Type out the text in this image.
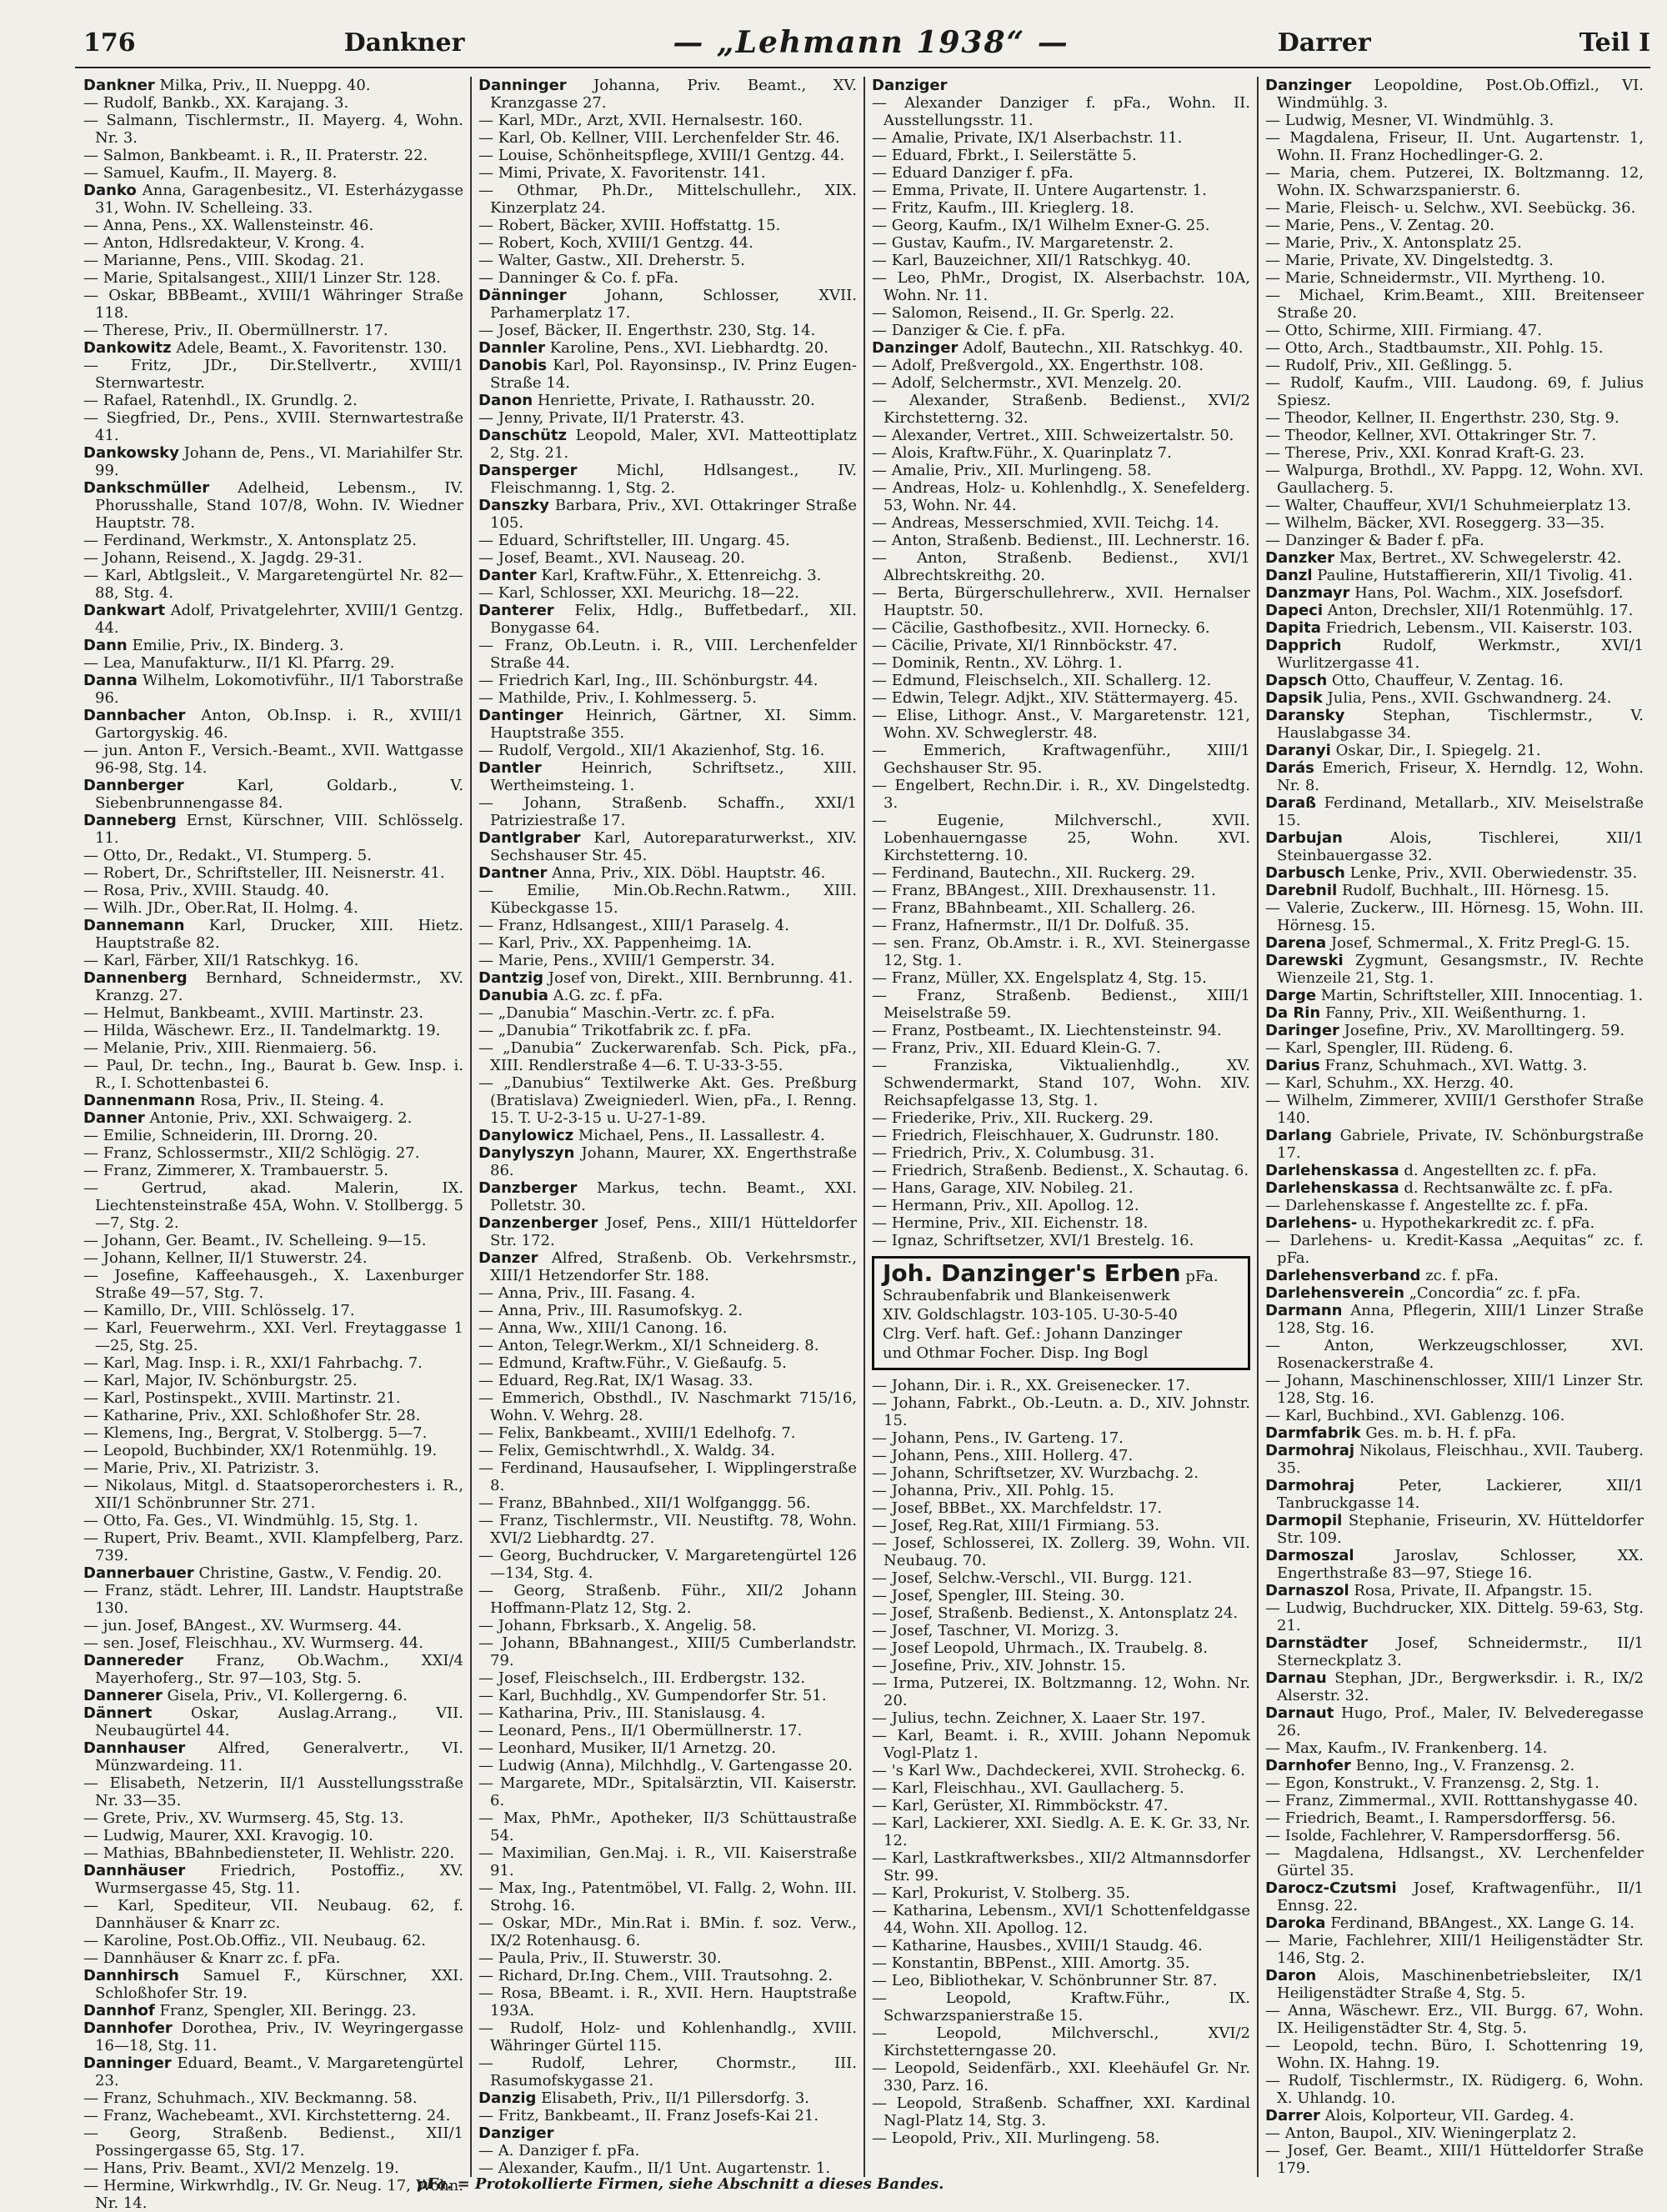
176	Dankner	— „Lehmann 1938“ —	Darrer	Teil I

Dankner Milka, Priv., II. Nueppg. 40.

— Rudolf, Bankb., XX. Karajang. 3.

— Salmann, Tischlermstr., II. Mayerg. 4, Wohn. Nr. 3.

— Salmon, Bankbeamt. i. R., II. Praterstr. 22.

— Samuel, Kaufm., II. Mayerg. 8.

Danko Anna, Garagenbesitz., VI. Esterházygasse 31, Wohn. IV. Schelleing. 33.

— Anna, Pens., XX. Wallensteinstr. 46.

— Anton, Hdlsredakteur, V. Krong. 4.

— Marianne, Pens., VIII. Skodag. 21.

— Marie, Spitalsangest., XIII/1 Linzer Str. 128.

— Oskar, BBBeamt., XVIII/1 Währinger Straße 118.

— Therese, Priv., II. Obermüllnerstr. 17.

Dankowitz Adele, Beamt., X. Favoritenstr. 130.

— Fritz, JDr., Dir.Stellvertr., XVIII/1 Sternwartestr.

— Rafael, Ratenhdl., IX. Grundlg. 2.

— Siegfried, Dr., Pens., XVIII. Sternwartestraße 41.

Dankowsky Johann de, Pens., VI. Mariahilfer Str. 99.

Dankschmüller Adelheid, Lebensm., IV. Phorusshalle, Stand 107/8, Wohn. IV. Wiedner Hauptstr. 78.

— Ferdinand, Werkmstr., X. Antonsplatz 25.

— Johann, Reisend., X. Jagdg. 29-31.

— Karl, Abtlgsleit., V. Margaretengürtel Nr. 82—88, Stg. 4.

Dankwart Adolf, Privatgelehrter, XVIII/1 Gentzg. 44.

Dann Emilie, Priv., IX. Binderg. 3.

— Lea, Manufakturw., II/1 Kl. Pfarrg. 29.

Danna Wilhelm, Lokomotivführ., II/1 Taborstraße 96.

Dannbacher Anton, Ob.Insp. i. R., XVIII/1 Gartorgyskig. 46.

— jun. Anton F., Versich.-Beamt., XVII. Wattgasse 96-98, Stg. 14.

Dannberger	Karl, Goldarb., V. Siebenbrunnengasse 84.

Danneberg Ernst, Kürschner, VIII. Schlösselg. 11.

— Otto, Dr., Redakt., VI. Stumperg. 5.

— Robert, Dr., Schriftsteller, III. Neisnerstr. 41.

— Rosa, Priv., XVIII. Staudg. 40.

— Wilh. JDr., Ober.Rat, II. Holmg. 4.

Dannemann Karl, Drucker, XIII. Hietz. Hauptstraße 82.

— Karl, Färber, XII/1 Ratschkyg. 16.

Dannenberg Bernhard, Schneidermstr., XV. Kranzg. 27.

— Helmut, Bankbeamt., XVIII. Martinstr. 23.

— Hilda, Wäschewr. Erz., II. Tandelmarktg. 19.

— Melanie, Priv., XIII. Rienmaierg. 56.

— Paul, Dr. techn., Ing., Baurat b. Gew. Insp. i. R., I. Schottenbastei 6.

Dannenmann Rosa, Priv., II. Steing. 4.

Danner Antonie, Priv., XXI. Schwaigerg. 2.

— Emilie, Schneiderin, III. Drorng. 20.

— Franz, Schlossermstr., XII/2 Schlögig. 27.

— Franz, Zimmerer, X. Trambauerstr. 5.

— Gertrud, akad. Malerin, IX. Liechtensteinstraße 45A, Wohn. V. Stollbergg. 5—7, Stg. 2.

— Johann, Ger. Beamt., IV. Schelleing. 9—15.

— Johann, Kellner, II/1 Stuwerstr. 24.

— Josefine, Kaffeehausgeh., X. Laxenburger Straße 49—57, Stg. 7.

— Kamillo, Dr., VIII. Schlösselg. 17.

— Karl, Feuerwehrm., XXI. Verl. Freytaggasse 1—25, Stg. 25.

— Karl, Mag. Insp. i. R., XXI/1 Fahrbachg. 7.

— Karl, Major, IV. Schönburgstr. 25.

— Karl, Postinspekt., XVIII. Martinstr. 21.

— Katharine, Priv., XXI. Schloßhofer Str. 28.

— Klemens, Ing., Bergrat, V. Stolbergg. 5—7.

— Leopold, Buchbinder, XX/1 Rotenmühlg. 19.

— Marie, Priv., XI. Patrizistr. 3.

— Nikolaus, Mitgl. d. Staatsoperorchesters i. R., XII/1 Schönbrunner Str. 271.

— Otto, Fa. Ges., VI. Windmühlg. 15, Stg. 1.

— Rupert, Priv. Beamt., XVII. Klampfelberg, Parz. 739.

Dannerbauer Christine, Gastw., V. Fendig. 20.

— Franz, städt. Lehrer, III. Landstr. Hauptstraße 130.

— jun. Josef, BAngest., XV. Wurmserg. 44.

— sen. Josef, Fleischhau., XV. Wurmserg. 44.

Dannereder Franz, Ob.Wachm., XXI/4 Mayerhoferg., Str. 97—103, Stg. 5.

Dannerer Gisela, Priv., VI. Kollergerng. 6.

Dännert	Oskar, Auslag.Arrang., VII. Neubaugürtel 44.

Dannhauser Alfred, Generalvertr., VI. Münzwardeing. 11.

— Elisabeth, Netzerin, II/1 Ausstellungsstraße Nr. 33—35.

— Grete, Priv., XV. Wurmserg. 45, Stg. 13.

— Ludwig, Maurer, XXI. Kravogig. 10.

— Mathias, BBahnbediensteter, II. Wehlistr. 220.

Dannhäuser Friedrich, Postoffiz., XV. Wurmsergasse 45, Stg. 11.

— Karl, Spediteur, VII. Neubaug. 62, f. Dannhäuser & Knarr zc.

— Karoline, Post.Ob.Offiz., VII. Neubaug. 62.

— Dannhäuser & Knarr zc. f. pFa.

Dannhirsch Samuel F., Kürschner, XXI. Schloßhofer Str. 19.

Dannhof Franz, Spengler, XII. Beringg. 23.

Dannhofer Dorothea, Priv., IV. Weyringergasse 16—18, Stg. 11.

Danninger Eduard, Beamt., V. Margaretengürtel 23.

— Franz, Schuhmach., XIV. Beckmanng. 58.

— Franz, Wachebeamt., XVI. Kirchstetterng. 24.

— Georg, Straßenb. Bedienst., XII/1 Possingergasse 65, Stg. 17.

— Hans, Priv. Beamt., XVI/2 Menzelg. 19.

— Hermine, Wirkwrhdlg., IV. Gr. Neug. 17, Wohn. Nr. 14.

Danninger Johanna, Priv. Beamt., XV. Kranzgasse 27.

— Karl, MDr., Arzt, XVII. Hernalsestr. 160.

— Karl, Ob. Kellner, VIII. Lerchenfelder Str. 46.

— Louise, Schönheitspflege, XVIII/1 Gentzg. 44.

— Mimi, Private, X. Favoritenstr. 141.

— Othmar, Ph.Dr., Mittelschullehr., XIX. Kinzerplatz 24.

— Robert, Bäcker, XVIII. Hoffstattg. 15.

— Robert, Koch, XVIII/1 Gentzg. 44.

— Walter, Gastw., XII. Dreherstr. 5.

— Danninger & Co. f. pFa.

Dänninger	Johann, Schlosser, XVII. Parhamerplatz 17.

— Josef, Bäcker, II. Engerthstr. 230, Stg. 14.

Dannler Karoline, Pens., XVI. Liebhardtg. 20.

Danobis Karl, Pol. Rayonsinsp., IV. Prinz Eugen-Straße 14.

Danon Henriette, Private, I. Rathausstr. 20.

— Jenny, Private, II/1 Praterstr. 43.

Danschütz Leopold, Maler, XVI. Matteottiplatz 2, Stg. 21.

Dansperger	Michl, Hdlsangest., IV. Fleischmanng. 1, Stg. 2.

Danszky Barbara, Priv., XVI. Ottakringer Straße 105.

— Eduard, Schriftsteller, III. Ungarg. 45.

— Josef, Beamt., XVI. Nauseag. 20.

Danter Karl, Kraftw.Führ., X. Ettenreichg. 3.

— Karl, Schlosser, XXI. Meurichg. 18—22.

Danterer Felix, Hdlg., Buffetbedarf., XII. Bonygasse 64.

— Franz, Ob.Leutn. i. R., VIII. Lerchenfelder Straße 44.

— Friedrich Karl, Ing., III. Schönburgstr. 44.

— Mathilde, Priv., I. Kohlmesserg. 5.

Dantinger Heinrich, Gärtner, XI. Simm. Hauptstraße 355.

— Rudolf, Vergold., XII/1 Akazienhof, Stg. 16.

Dantler	Heinrich, Schriftsetz., XIII. Wertheimsteing. 1.

— Johann, Straßenb. Schaffn., XXI/1 Patriziestraße 17.

Dantlgraber Karl, Autoreparaturwerkst., XIV. Sechshauser Str. 45.

Dantner Anna, Priv., XIX. Döbl. Hauptstr. 46.

— Emilie, Min.Ob.Rechn.Ratwm., XIII. Kübeckgasse 15.

— Franz, Hdlsangest., XIII/1 Paraselg. 4.

— Karl, Priv., XX. Pappenheimg. 1A.

— Marie, Pens., XVIII/1 Gemperstr. 34.

Dantzig Josef von, Direkt., XIII. Bernbrunng. 41.

Danubia A.G. zc. f. pFa.

— „Danubia“ Maschin.-Vertr. zc. f. pFa.

— „Danubia“ Trikotfabrik zc. f. pFa.

— „Danubia“ Zuckerwarenfab. Sch. Pick, pFa., XIII. Rendlerstraße 4—6. T. U-33-3-55.

— „Danubius“ Textilwerke Akt. Ges. Preßburg (Bratislava) Zweigniederl. Wien, pFa., I. Renng. 15. T. U-2-3-15 u. U-27-1-89.

Danylowicz Michael, Pens., II. Lassallestr. 4.

Danylyszyn Johann, Maurer, XX. Engerthstraße 86.

Danzberger Markus, techn. Beamt., XXI. Polletstr. 30.

Danzenberger Josef, Pens., XIII/1 Hütteldorfer Str. 172.

Danzer Alfred, Straßenb. Ob. Verkehrsmstr., XIII/1 Hetzendorfer Str. 188.

— Anna, Priv., III. Fasang. 4.

— Anna, Priv., III. Rasumofskyg. 2.

— Anna, Ww., XIII/1 Canong. 16.

— Anton, Telegr.Werkm., XI/1 Schneiderg. 8.

— Edmund, Kraftw.Führ., V. Gießaufg. 5.

— Eduard, Reg.Rat, IX/1 Wasag. 33.

— Emmerich, Obsthdl., IV. Naschmarkt 715/16, Wohn. V. Wehrg. 28.

— Felix, Bankbeamt., XVIII/1 Edelhofg. 7.

— Felix, Gemischtwrhdl., X. Waldg. 34.

— Ferdinand, Hausaufseher, I. Wipplingerstraße 8.

— Franz, BBahnbed., XII/1 Wolfganggg. 56.

— Franz, Tischlermstr., VII. Neustiftg. 78, Wohn. XVI/2 Liebhardtg. 27.

— Georg, Buchdrucker, V. Margaretengürtel 126—134, Stg. 4.

— Georg, Straßenb. Führ., XII/2 Johann Hoffmann-Platz 12, Stg. 2.

— Johann, Fbrksarb., X. Angelig. 58.

— Johann, BBahnangest., XIII/5 Cumberlandstr. 79.

— Josef, Fleischselch., III. Erdbergstr. 132.

— Karl, Buchhdlg., XV. Gumpendorfer Str. 51.

— Katharina, Priv., III. Stanislausg. 4.

— Leonard, Pens., II/1 Obermüllnerstr. 17.

— Leonhard, Musiker, II/1 Arnetzg. 20.

— Ludwig (Anna), Milchhdlg., V. Gartengasse 20.

— Margarete, MDr., Spitalsärztin, VII. Kaiserstr. 6.

— Max, PhMr., Apotheker, II/3 Schüttaustraße 54.

— Maximilian, Gen.Maj. i. R., VII. Kaiserstraße 91.

— Max, Ing., Patentmöbel, VI. Fallg. 2, Wohn. III. Strohg. 16.

— Oskar, MDr., Min.Rat i. BMin. f. soz. Verw., IX/2 Rotenhausg. 6.

— Paula, Priv., II. Stuwerstr. 30.

— Richard, Dr.Ing. Chem., VIII. Trautsohng. 2.

— Rosa, BBeamt. i. R., XVII. Hern. Hauptstraße 193A.

— Rudolf, Holz- und Kohlenhandlg., XVIII. Währinger Gürtel 115.

— Rudolf, Lehrer, Chormstr., III. Rasumofskygasse 21.

Danzig Elisabeth, Priv., II/1 Pillersdorfg. 3.

— Fritz, Bankbeamt., II. Franz Josefs-Kai 21.

Danziger

— A. Danziger f. pFa.

— Alexander, Kaufm., II/1 Unt. Augartenstr. 1.

Danziger

— Alexander Danziger f. pFa., Wohn. II. Ausstellungsstr. 11.

— Amalie, Private, IX/1 Alserbachstr. 11.

— Eduard, Fbrkt., I. Seilerstätte 5.

— Eduard Danziger f. pFa.

— Emma, Private, II. Untere Augartenstr. 1.

— Fritz, Kaufm., III. Krieglerg. 18.

— Georg, Kaufm., IX/1 Wilhelm Exner-G. 25.

— Gustav, Kaufm., IV. Margaretenstr. 2.

— Karl, Bauzeichner, XII/1 Ratschkyg. 40.

— Leo, PhMr., Drogist, IX. Alserbachstr. 10A, Wohn. Nr. 11.

— Salomon, Reisend., II. Gr. Sperlg. 22.

— Danziger & Cie. f. pFa.

Danzinger Adolf, Bautechn., XII. Ratschkyg. 40.

— Adolf, Preßvergold., XX. Engerthstr. 108.

— Adolf, Selchermstr., XVI. Menzelg. 20.

— Alexander, Straßenb. Bedienst., XVI/2 Kirchstetterng. 32.

— Alexander, Vertret., XIII. Schweizertalstr. 50.

— Alois, Kraftw.Führ., X. Quarinplatz 7.

— Amalie, Priv., XII. Murlingeng. 58.

— Andreas, Holz- u. Kohlenhdlg., X. Senefelderg. 53, Wohn. Nr. 44.

— Andreas, Messerschmied, XVII. Teichg. 14.

— Anton, Straßenb. Bedienst., III. Lechnerstr. 16.

— Anton, Straßenb. Bedienst., XVI/1 Albrechtskreithg. 20.

— Berta, Bürgerschullehrerw., XVII. Hernalser Hauptstr. 50.

— Cäcilie, Gasthofbesitz., XVII. Hornecky. 6.

— Cäcilie, Private, XI/1 Rinnböckstr. 47.

— Dominik, Rentn., XV. Löhrg. 1.

— Edmund, Fleischselch., XII. Schallerg. 12.

— Edwin, Telegr. Adjkt., XIV. Stättermayerg. 45.

— Elise, Lithogr. Anst., V. Margaretenstr. 121, Wohn. XV. Schweglerstr. 48.

— Emmerich, Kraftwagenführ., XIII/1 Gechshauser Str. 95.

— Engelbert, Rechn.Dir. i. R., XV. Dingelstedtg. 3.

— Eugenie, Milchverschl., XVII. Lobenhauerngasse 25, Wohn. XVI. Kirchstetterng. 10.

— Ferdinand, Bautechn., XII. Ruckerg. 29.

— Franz, BBAngest., XIII. Drexhausenstr. 11.

— Franz, BBahnbeamt., XII. Schallerg. 26.

— Franz, Hafnermstr., II/1 Dr. Dolfuß. 35.

— sen. Franz, Ob.Amstr. i. R., XVI. Steinergasse 12, Stg. 1.

— Franz, Müller, XX. Engelsplatz 4, Stg. 15.

— Franz, Straßenb. Bedienst., XIII/1 Meiselstraße 59.

— Franz, Postbeamt., IX. Liechtensteinstr. 94.

— Franz, Priv., XII. Eduard Klein-G. 7.

— Franziska, Viktualienhdlg., XV. Schwendermarkt, Stand 107, Wohn. XIV. Reichsapfelgasse 13, Stg. 1.

— Friederike, Priv., XII. Ruckerg. 29.

— Friedrich, Fleischhauer, X. Gudrunstr. 180.

— Friedrich, Priv., X. Columbusg. 31.

— Friedrich, Straßenb. Bedienst., X. Schautag. 6.

— Hans, Garage, XIV. Nobileg. 21.

— Hermann, Priv., XII. Apollog. 12.

— Hermine, Priv., XII. Eichenstr. 18.

— Ignaz, Schriftsetzer, XVI/1 Brestelg. 16.

Joh. Danzinger's Erben pFa.
Schraubenfabrik und Blankeisenwerk
XIV. Goldschlagstr. 103-105. U-30-5-40
Clrg. Verf. haft. Gef.: Johann Danzinger
und Othmar Focher. Disp. Ing Bogl

— Johann, Dir. i. R., XX. Greisenecker. 17.

— Johann, Fabrkt., Ob.-Leutn. a. D., XIV. Johnstr. 15.

— Johann, Pens., IV. Garteng. 17.

— Johann, Pens., XIII. Hollerg. 47.

— Johann, Schriftsetzer, XV. Wurzbachg. 2.

— Johanna, Priv., XII. Pohlg. 15.

— Josef, BBBet., XX. Marchfeldstr. 17.

— Josef, Reg.Rat, XIII/1 Firmiang. 53.

— Josef, Schlosserei, IX. Zollerg. 39, Wohn. VII. Neubaug. 70.

— Josef, Selchw.-Verschl., VII. Burgg. 121.

— Josef, Spengler, III. Steing. 30.

— Josef, Straßenb. Bedienst., X. Antonsplatz 24.

— Josef, Taschner, VI. Morizg. 3.

— Josef Leopold, Uhrmach., IX. Traubelg. 8.

— Josefine, Priv., XIV. Johnstr. 15.

— Irma, Putzerei, IX. Boltzmanng. 12, Wohn. Nr. 20.

— Julius, techn. Zeichner, X. Laaer Str. 197.

— Karl, Beamt. i. R., XVIII. Johann Nepomuk Vogl-Platz 1.

— 's Karl Ww., Dachdeckerei, XVII. Stroheckg. 6.

— Karl, Fleischhau., XVI. Gaullacherg. 5.

— Karl, Gerüster, XI. Rimmböckstr. 47.

— Karl, Lackierer, XXI. Siedlg. A. E. K. Gr. 33, Nr. 12.

— Karl, Lastkraftwerksbes., XII/2 Altmannsdorfer Str. 99.

— Karl, Prokurist, V. Stolberg. 35.

— Katharina, Lebensm., XVI/1 Schottenfeldgasse 44, Wohn. XII. Apollog. 12.

— Katharine, Hausbes., XVIII/1 Staudg. 46.

— Konstantin, BBPenst., XIII. Amortg. 35.

— Leo, Bibliothekar, V. Schönbrunner Str. 87.

— Leopold, Kraftw.Führ., IX. Schwarzspanierstraße 15.

— Leopold, Milchverschl., XVI/2 Kirchstetterngasse 20.

— Leopold, Seidenfärb., XXI. Kleehäufel Gr. Nr. 330, Parz. 16.

— Leopold, Straßenb. Schaffner, XXI. Kardinal Nagl-Platz 14, Stg. 3.

— Leopold, Priv., XII. Murlingeng. 58.

Danzinger Leopoldine, Post.Ob.Offizl., VI. Windmühlg. 3.

— Ludwig, Mesner, VI. Windmühlg. 3.

— Magdalena, Friseur, II. Unt. Augartenstr. 1, Wohn. II. Franz Hochedlinger-G. 2.

— Maria, chem. Putzerei, IX. Boltzmanng. 12, Wohn. IX. Schwarzspanierstr. 6.

— Marie, Fleisch- u. Selchw., XVI. Seebückg. 36.

— Marie, Pens., V. Zentag. 20.

— Marie, Priv., X. Antonsplatz 25.

— Marie, Private, XV. Dingelstedtg. 3.

— Marie, Schneidermstr., VII. Myrtheng. 10.

— Michael, Krim.Beamt., XIII. Breitenseer Straße 20.

— Otto, Schirme, XIII. Firmiang. 47.

— Otto, Arch., Stadtbaumstr., XII. Pohlg. 15.

— Rudolf, Priv., XII. Geßlingg. 5.

— Rudolf, Kaufm., VIII. Laudong. 69, f. Julius Spiesz.

— Theodor, Kellner, II. Engerthstr. 230, Stg. 9.

— Theodor, Kellner, XVI. Ottakringer Str. 7.

— Therese, Priv., XXI. Konrad Kraft-G. 23.

— Walpurga, Brothdl., XV. Pappg. 12, Wohn. XVI. Gaullacherg. 5.

— Walter, Chauffeur, XVI/1 Schuhmeierplatz 13.

— Wilhelm, Bäcker, XVI. Roseggerg. 33—35.

— Danzinger & Bader f. pFa.

Danzker Max, Bertret., XV. Schwegelerstr. 42.

Danzl Pauline, Hutstaffiererin, XII/1 Tivolig. 41.

Danzmayr Hans, Pol. Wachm., XIX. Josefsdorf.

Dapeci Anton, Drechsler, XII/1 Rotenmühlg. 17.

Dapita Friedrich, Lebensm., VII. Kaiserstr. 103.

Dapprich	Rudolf, Werkmstr., XVI/1 Wurlitzergasse 41.

Dapsch Otto, Chauffeur, V. Zentag. 16.

Dapsik Julia, Pens., XVII. Gschwandnerg. 24.

Daransky	Stephan, Tischlermstr., V. Hauslabgasse 34.

Daranyi Oskar, Dir., I. Spiegelg. 21.

Darás Emerich, Friseur, X. Herndlg. 12, Wohn. Nr. 8.

Daraß Ferdinand, Metallarb., XIV. Meiselstraße 15.

Darbujan	Alois, Tischlerei, XII/1 Steinbauergasse 32.

Darbusch Lenke, Priv., XVII. Oberwiedenstr. 35.

Darebnil Rudolf, Buchhalt., III. Hörnesg. 15.

— Valerie, Zuckerw., III. Hörnesg. 15, Wohn. III. Hörnesg. 15.

Darena Josef, Schmermal., X. Fritz Pregl-G. 15.

Darewski Zygmunt, Gesangsmstr., IV. Rechte Wienzeile 21, Stg. 1.

Darge Martin, Schriftsteller, XIII. Innocentiag. 1.

Da Rin Fanny, Priv., XII. Weißenthurng. 1.

Daringer Josefine, Priv., XV. Marolltingerg. 59.

— Karl, Spengler, III. Rüdeng. 6.

Darius Franz, Schuhmach., XVI. Wattg. 3.

— Karl, Schuhm., XX. Herzg. 40.

— Wilhelm, Zimmerer, XVIII/1 Gersthofer Straße 140.

Darlang Gabriele, Private, IV. Schönburgstraße 17.

Darlehenskassa d. Angestellten zc. f. pFa.

Darlehenskassa d. Rechtsanwälte zc. f. pFa.

— Darlehenskasse f. Angestellte zc. f. pFa.

Darlehens- u. Hypothekarkredit zc. f. pFa.

— Darlehens- u. Kredit-Kassa „Aequitas“ zc. f. pFa.

Darlehensverband zc. f. pFa.

Darlehensverein „Concordia“ zc. f. pFa.

Darmann Anna, Pflegerin, XIII/1 Linzer Straße 128, Stg. 16.

— Anton, Werkzeugschlosser, XVI. Rosenackerstraße 4.

— Johann, Maschinenschlosser, XIII/1 Linzer Str. 128, Stg. 16.

— Karl, Buchbind., XVI. Gablenzg. 106.

Darmfabrik Ges. m. b. H. f. pFa.

Darmohraj Nikolaus, Fleischhau., XVII. Tauberg. 35.

Darmohraj	Peter, Lackierer, XII/1 Tanbruckgasse 14.

Darmopil Stephanie, Friseurin, XV. Hütteldorfer Str. 109.

Darmoszal	Jaroslav, Schlosser, XX. Engerthstraße 83—97, Stiege 16.

Darnaszol Rosa, Private, II. Afpangstr. 15.

— Ludwig, Buchdrucker, XIX. Dittelg. 59-63, Stg. 21.

Darnstädter Josef, Schneidermstr., II/1 Sterneckplatz 3.

Darnau Stephan, JDr., Bergwerksdir. i. R., IX/2 Alserstr. 32.

Darnaut Hugo, Prof., Maler, IV. Belvederegasse 26.

— Max, Kaufm., IV. Frankenberg. 14.

Darnhofer Benno, Ing., V. Franzensg. 2.

— Egon, Konstrukt., V. Franzensg. 2, Stg. 1.

— Franz, Zimmermal., XVII. Rotttanshygasse 40.

— Friedrich, Beamt., I. Rampersdorffersg. 56.

— Isolde, Fachlehrer, V. Rampersdorffersg. 56.

— Magdalena, Hdlsangst., XV. Lerchenfelder Gürtel 35.

Darocz-Czutsmi Josef, Kraftwagenführ., II/1 Ennsg. 22.

Daroka Ferdinand, BBAngest., XX. Lange G. 14.

— Marie, Fachlehrer, XIII/1 Heiligenstädter Str. 146, Stg. 2.

Daron Alois, Maschinenbetriebsleiter, IX/1 Heiligenstädter Straße 4, Stg. 5.

— Anna, Wäschewr. Erz., VII. Burgg. 67, Wohn. IX. Heiligenstädter Str. 4, Stg. 5.

— Leopold, techn. Büro, I. Schottenring 19, Wohn. IX. Hahng. 19.

— Rudolf, Tischlermstr., IX. Rüdigerg. 6, Wohn. X. Uhlandg. 10.

Darrer Alois, Kolporteur, VII. Gardeg. 4.

— Anton, Baupol., XIV. Wieningerplatz 2.

— Josef, Ger. Beamt., XIII/1 Hütteldorfer Straße 179.

pFa. = Protokollierte Firmen, siehe Abschnitt a dieses Bandes.
